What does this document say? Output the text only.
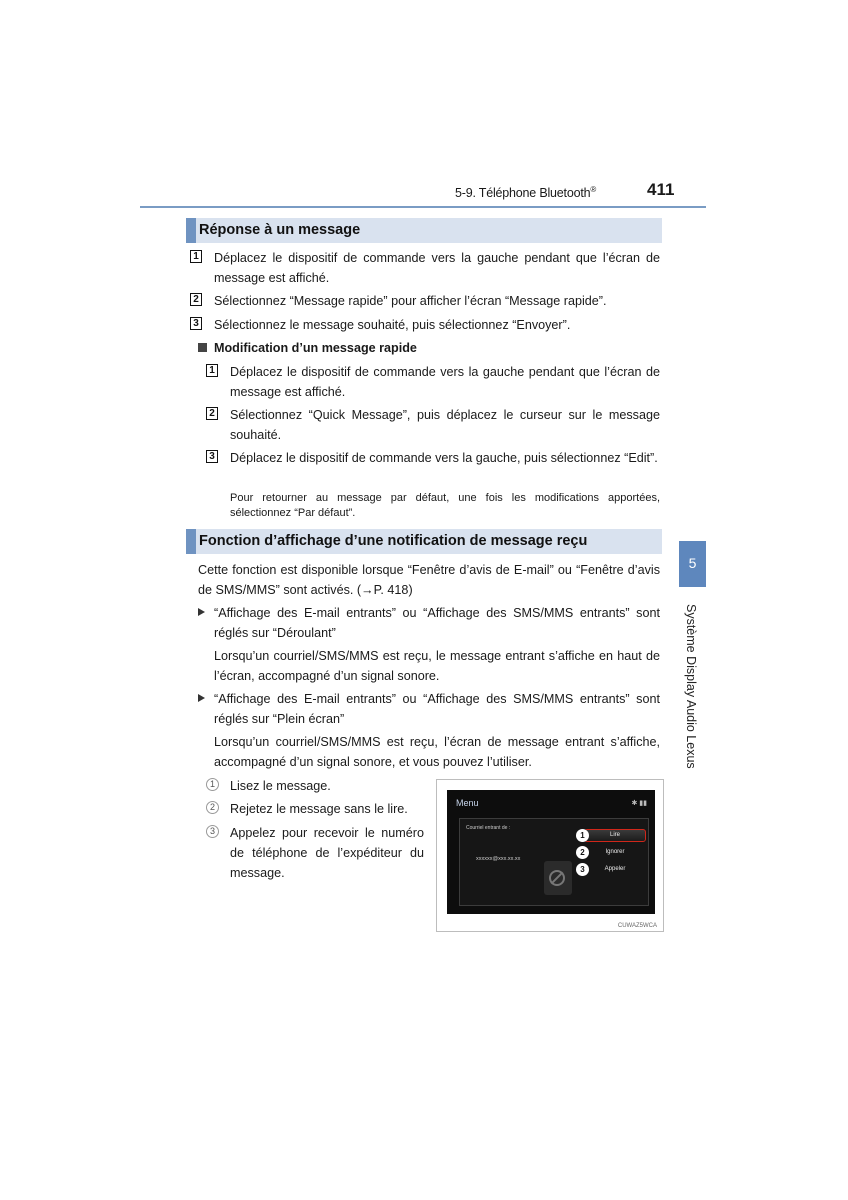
5-9. Téléphone Bluetooth®	411
Réponse à un message
1 Déplacez le dispositif de commande vers la gauche pendant que l’écran de message est affiché.
2 Sélectionnez “Message rapide” pour afficher l’écran “Message rapide”.
3 Sélectionnez le message souhaité, puis sélectionnez “Envoyer”.
Modification d’un message rapide
1 Déplacez le dispositif de commande vers la gauche pendant que l’écran de message est affiché.
2 Sélectionnez “Quick Message”, puis déplacez le curseur sur le message souhaité.
3 Déplacez le dispositif de commande vers la gauche, puis sélectionnez “Edit”.
Pour retourner au message par défaut, une fois les modifications apportées, sélectionnez “Par défaut”.
Fonction d’affichage d’une notification de message reçu
Cette fonction est disponible lorsque “Fenêtre d’avis de E-mail” ou “Fenêtre d’avis de SMS/MMS” sont activés. (→P. 418)
“Affichage des E-mail entrants” ou “Affichage des SMS/MMS entrants” sont réglés sur “Déroulant”
Lorsqu’un courriel/SMS/MMS est reçu, le message entrant s’affiche en haut de l’écran, accompagné d’un signal sonore.
“Affichage des E-mail entrants” ou “Affichage des SMS/MMS entrants” sont réglés sur “Plein écran”
Lorsqu’un courriel/SMS/MMS est reçu, l’écran de message entrant s’affiche, accompagné d’un signal sonore, et vous pouvez l’utiliser.
1	Lisez le message.
2	Rejetez le message sans le lire.
3	Appelez pour recevoir le numéro de téléphone de l’expéditeur du message.
Menu	✱ ▮▮
Courriel entrant de :
xxxxxx@xxx.xx.xx
Lire
1
Ignorer
2
Appeler
3
CUWAZ5WCA
5
Système Display Audio Lexus
